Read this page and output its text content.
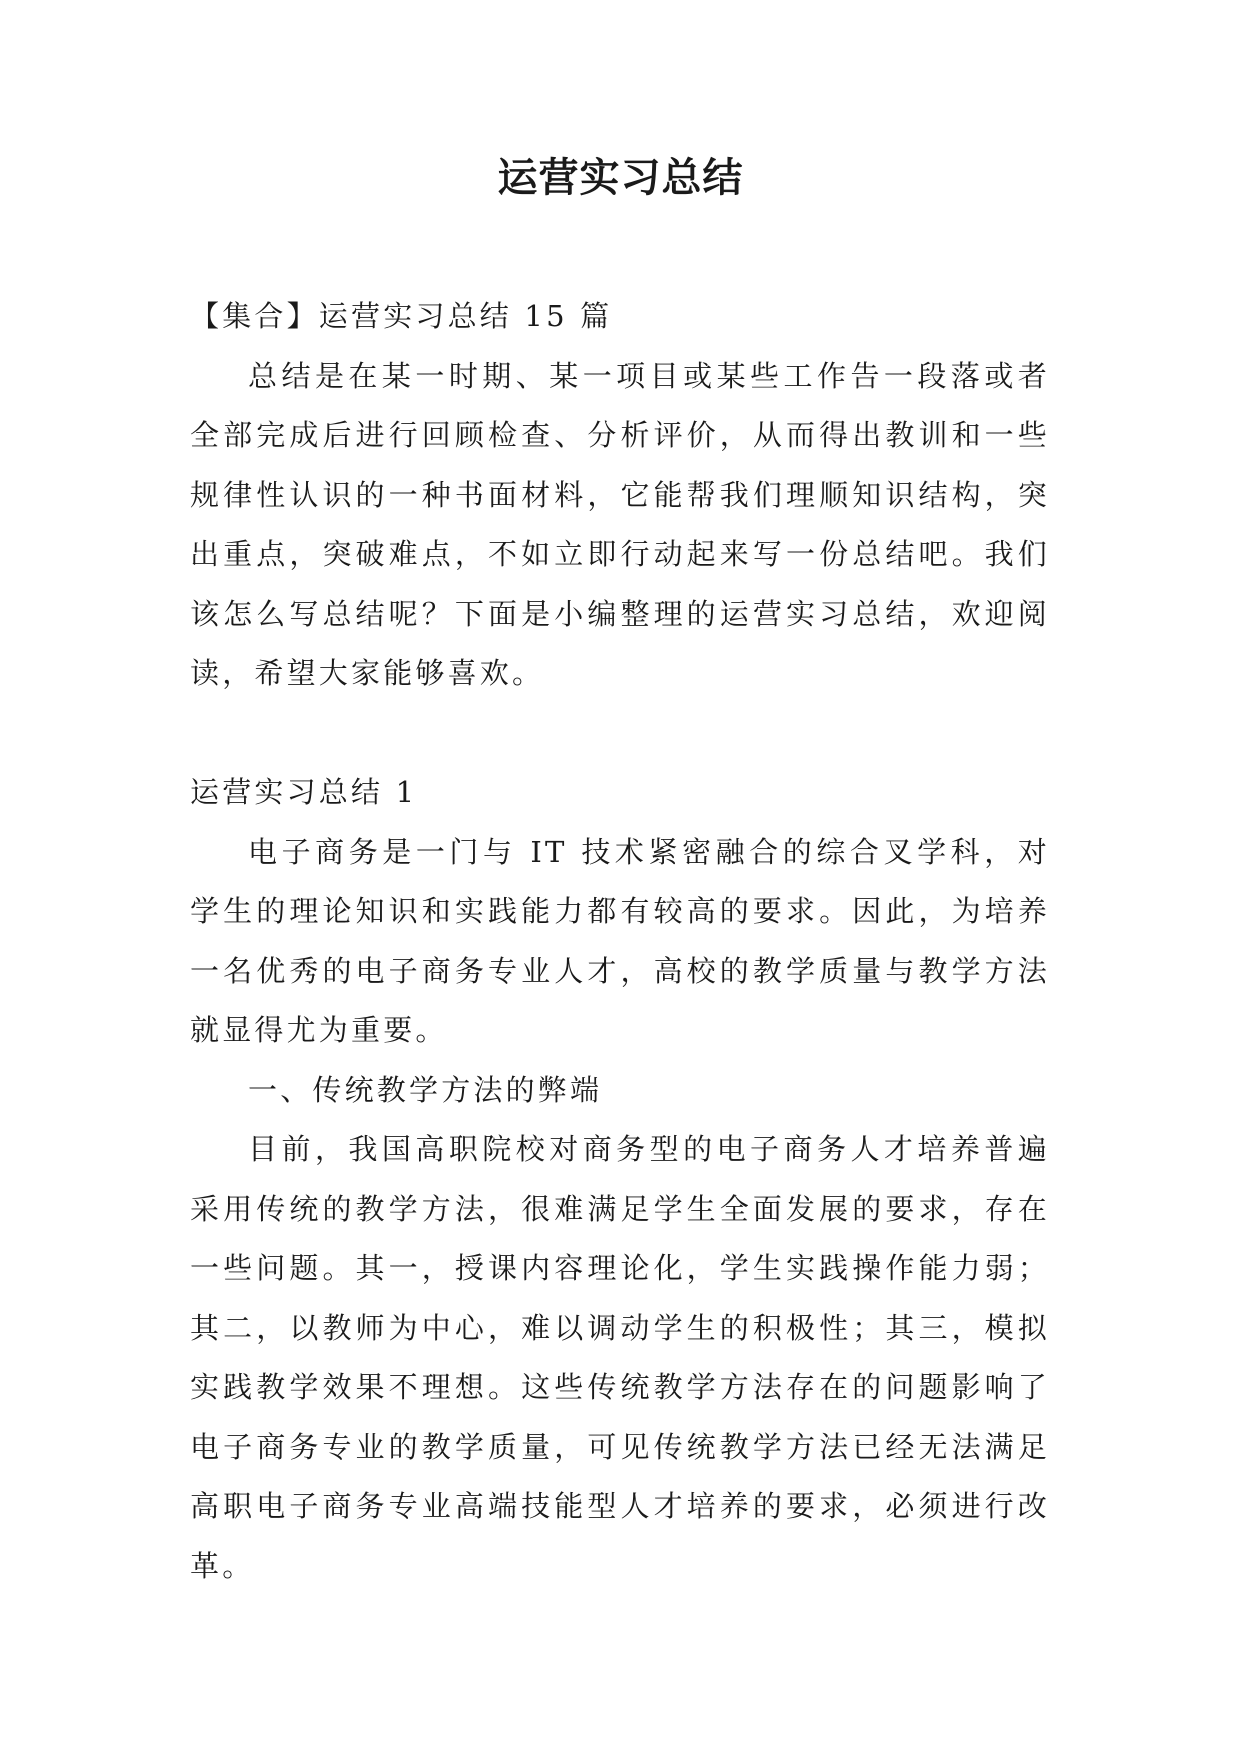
运营实习总结

【集合】运营实习总结 15 篇

总结是在某一时期、某一项目或某些工作告一段落或者全部完成后进行回顾检查、分析评价，从而得出教训和一些规律性认识的一种书面材料，它能帮我们理顺知识结构，突出重点，突破难点，不如立即行动起来写一份总结吧。我们该怎么写总结呢？下面是小编整理的运营实习总结，欢迎阅读，希望大家能够喜欢。

运营实习总结 1

电子商务是一门与 IT 技术紧密融合的综合叉学科，对学生的理论知识和实践能力都有较高的要求。因此，为培养一名优秀的电子商务专业人才，高校的教学质量与教学方法就显得尤为重要。

一、传统教学方法的弊端

目前，我国高职院校对商务型的电子商务人才培养普遍采用传统的教学方法，很难满足学生全面发展的要求，存在一些问题。其一，授课内容理论化，学生实践操作能力弱；其二，以教师为中心，难以调动学生的积极性；其三，模拟实践教学效果不理想。这些传统教学方法存在的问题影响了电子商务专业的教学质量，可见传统教学方法已经无法满足高职电子商务专业高端技能型人才培养的要求，必须进行改革。
